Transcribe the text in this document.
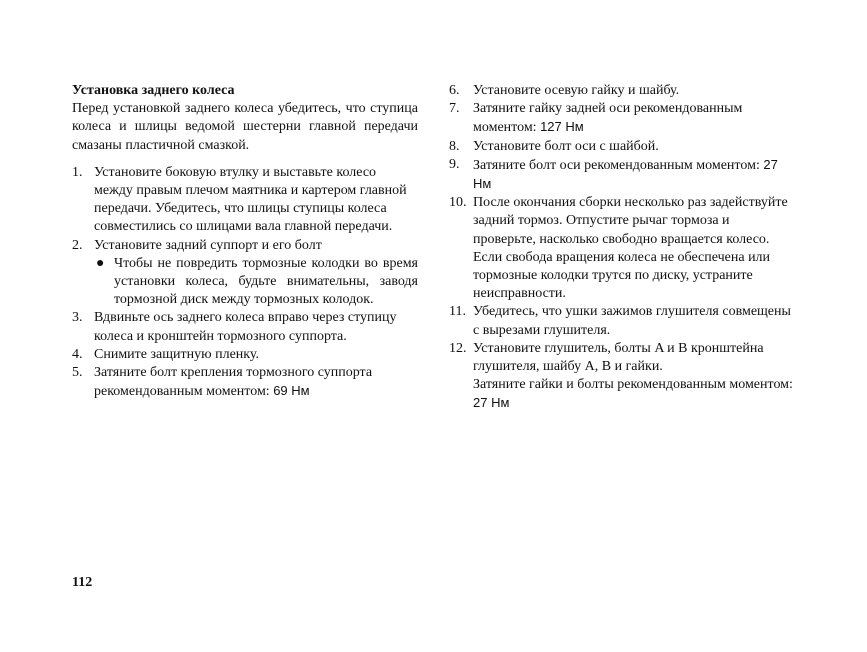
Установка заднего колеса

Перед установкой заднего колеса убедитесь, что ступица колеса и шлицы ведомой шестерни главной передачи смазаны пластичной смазкой.

1. Установите боковую втулку и выставьте колесо между правым плечом маятника и картером главной передачи. Убедитесь, что шлицы ступицы колеса совместились со шлицами вала главной передачи.
2. Установите задний суппорт и его болт
● Чтобы не повредить тормозные колодки во время установки колеса, будьте внимательны, заводя тормозной диск между тормозных колодок.
3. Вдвиньте ось заднего колеса вправо через ступицу колеса и кронштейн тормозного суппорта.
4. Снимите защитную пленку.
5. Затяните болт крепления тормозного суппорта рекомендованным моментом: 69 Нм
6. Установите осевую гайку и шайбу.
7. Затяните гайку задней оси рекомендованным моментом: 127 Нм
8. Установите болт оси с шайбой.
9. Затяните болт оси рекомендованным моментом: 27 Нм
10. После окончания сборки несколько раз задействуйте задний тормоз. Отпустите рычаг тормоза и проверьте, насколько свободно вращается колесо. Если свобода вращения колеса не обеспечена или тормозные колодки трутся по диску, устраните неисправности.
11. Убедитесь, что ушки зажимов глушителя совмещены с вырезами глушителя.
12. Установите глушитель, болты A и B кронштейна глушителя, шайбу A, B и гайки.
Затяните гайки и болты рекомендованным моментом: 27 Нм
112
